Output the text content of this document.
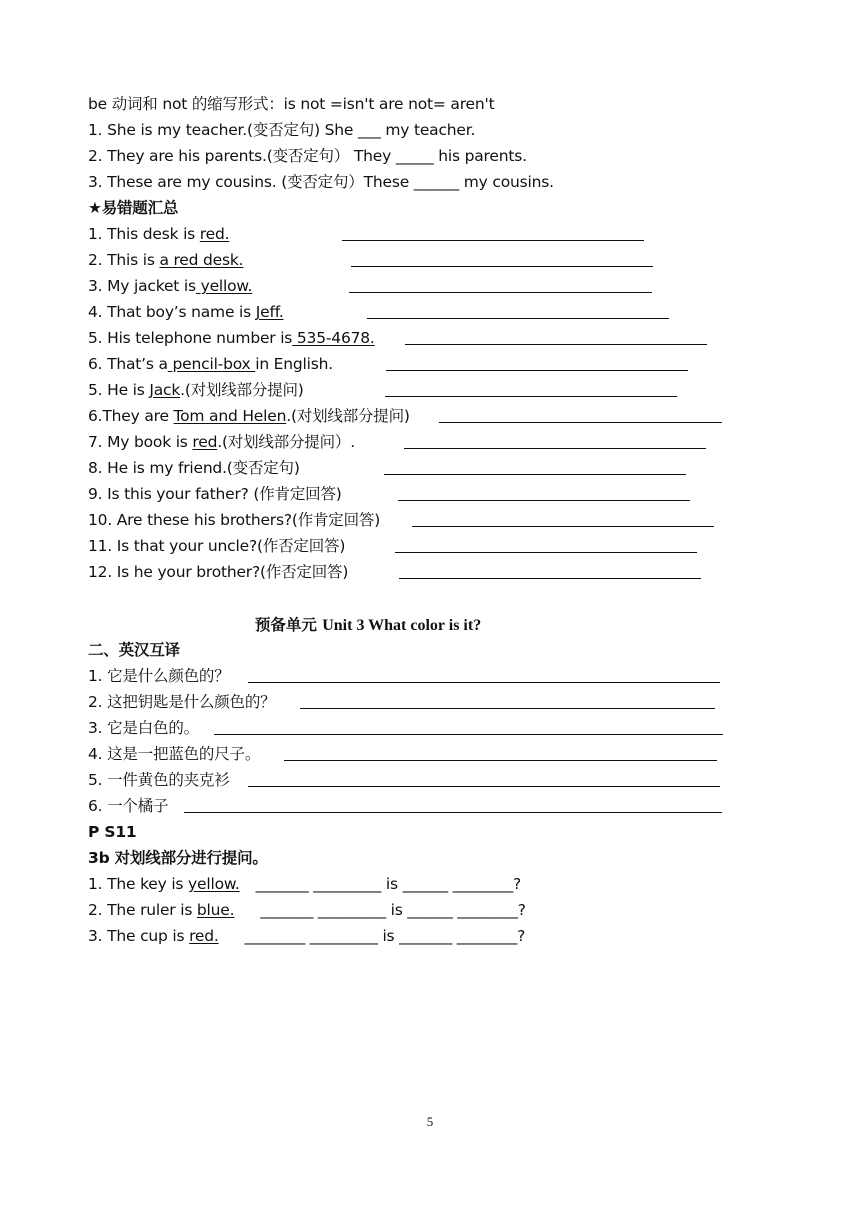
be 动词和 not 的缩写形式：is not =isn't are not= aren't
1. She is my teacher.(变否定句) She ___ my teacher.
2. They are his parents.(变否定句） They _____ his parents.
3. These are my cousins. (变否定句）These ______ my cousins.
★易错题汇总
1. This desk is red.
2. This is a red desk.
3. My jacket is yellow.
4. That boy’s name is Jeff.
5. His telephone number is 535-4678.
6. That’s a pencil-box in English.
5. He is Jack.(对划线部分提问)
6.They are Tom and Helen.(对划线部分提问)
7. My book is red.(对划线部分提问）.
8. He is my friend.(变否定句)
9. Is this your father? (作肯定回答)
10. Are these his brothers?(作肯定回答)
11. Is that your uncle?(作否定回答)
12. Is he your brother?(作否定回答)
预备单元 Unit 3 What color is it?
二、英汉互译
1. 它是什么颜色的？
2. 这把钥匙是什么颜色的？
3. 它是白色的。
4. 这是一把蓝色的尺子。
5. 一件黄色的夹克衫
6. 一个橘子
P S11
3b 对划线部分进行提问。
1. The key is yellow. _______ _________ is ______ ________?
2. The ruler is blue. _______ _________ is ______ ________?
3. The cup is red. ________ _________ is _______ ________?
5
